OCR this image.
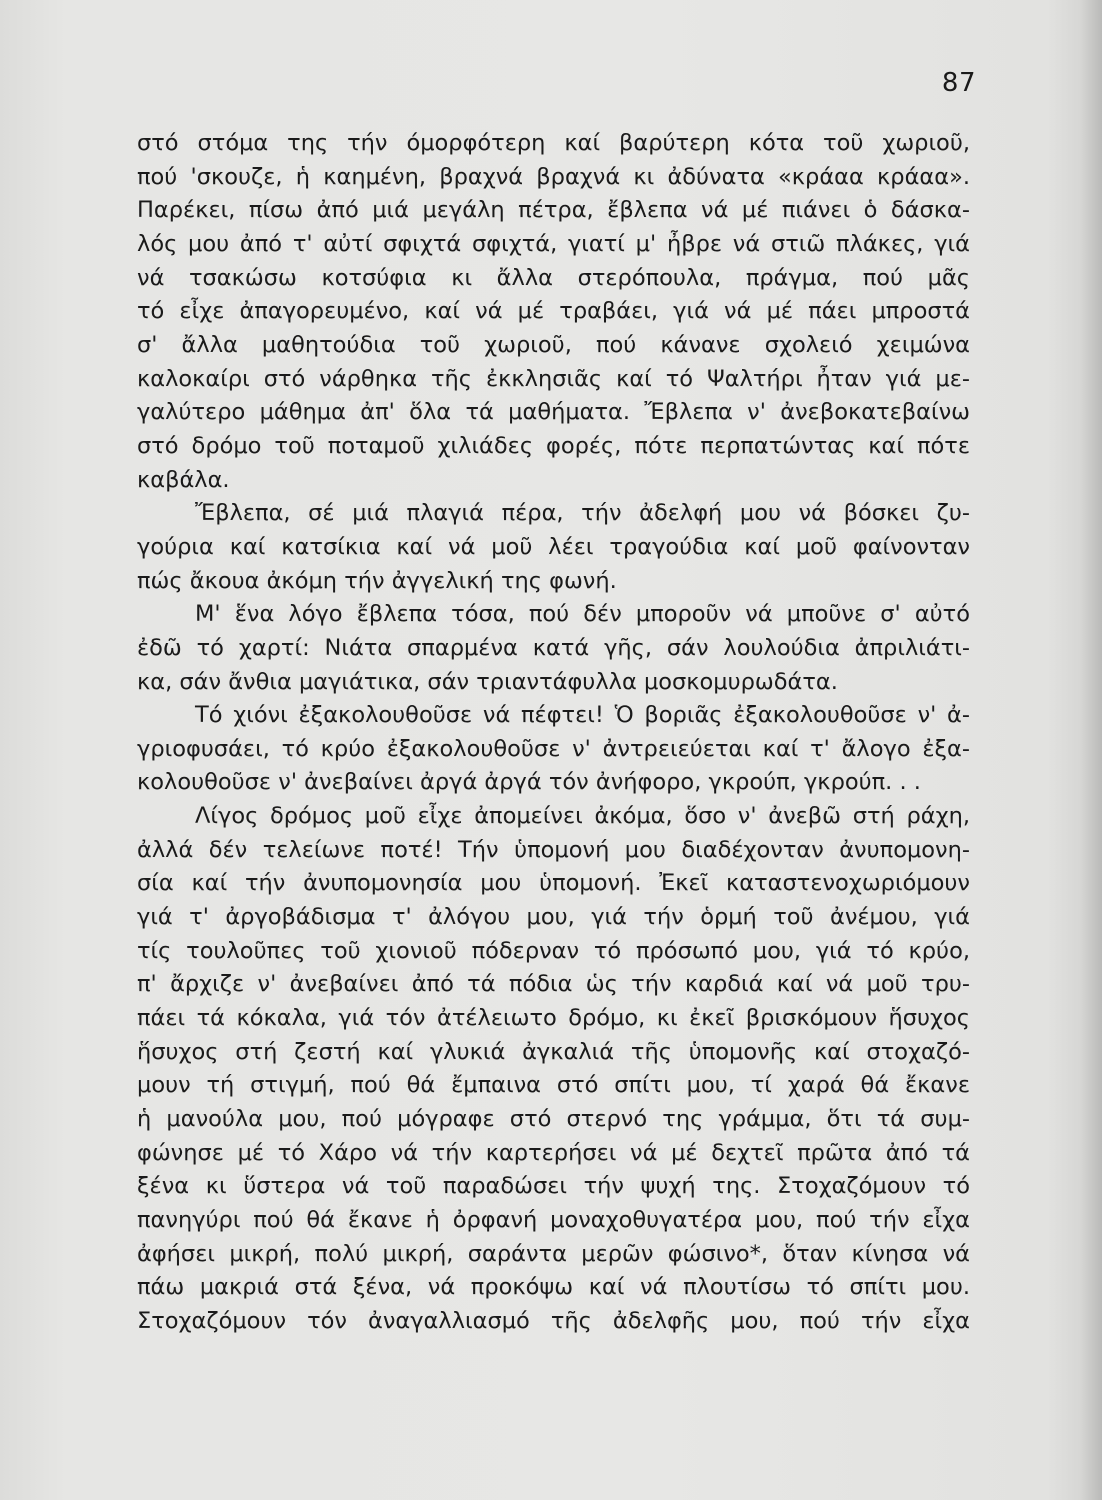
87
στό στόμα της τήν όμορφότερη καί βαρύτερη κότα τοῦ χωριοῦ,
πού 'σκουζε, ἡ καημένη, βραχνά βραχνά κι ἀδύνατα «κράαα κράαα».
Παρέκει, πίσω ἀπό μιά μεγάλη πέτρα, ἔβλεπα νά μέ πιάνει ὁ δάσκα-
λός μου ἀπό τ' αὐτί σφιχτά σφιχτά, γιατί μ' ἦβρε νά στιῶ πλάκες, γιά
νά τσακώσω κοτσύφια κι ἄλλα στερόπουλα, πράγμα, πού μᾶς
τό εἶχε ἀπαγορευμένο, καί νά μέ τραβάει, γιά νά μέ πάει μπροστά
σ' ἄλλα μαθητούδια τοῦ χωριοῦ, πού κάνανε σχολειό χειμώνα
καλοκαίρι στό νάρθηκα τῆς ἐκκλησιᾶς καί τό Ψαλτήρι ἦταν γιά με-
γαλύτερο μάθημα ἀπ' ὅλα τά μαθήματα. Ἔβλεπα ν' ἀνεβοκατεβαίνω
στό δρόμο τοῦ ποταμοῦ χιλιάδες φορές, πότε περπατώντας καί πότε
καβάλα.
Ἔβλεπα, σέ μιά πλαγιά πέρα, τήν ἀδελφή μου νά βόσκει ζυ-
γούρια καί κατσίκια καί νά μοῦ λέει τραγούδια καί μοῦ φαίνονταν
πώς ἄκουα ἀκόμη τήν ἀγγελική της φωνή.
Μ' ἕνα λόγο ἔβλεπα τόσα, πού δέν μποροῦν νά μποῦνε σ' αὐτό
ἐδῶ τό χαρτί: Νιάτα σπαρμένα κατά γῆς, σάν λουλούδια ἀπριλιάτι-
κα, σάν ἄνθια μαγιάτικα, σάν τριαντάφυλλα μοσκομυρωδάτα.
Τό χιόνι ἐξακολουθοῦσε νά πέφτει! Ὁ βοριᾶς ἐξακολουθοῦσε ν' ἀ-
γριοφυσάει, τό κρύο ἐξακολουθοῦσε ν' ἀντρειεύεται καί τ' ἄλογο ἐξα-
κολουθοῦσε ν' ἀνεβαίνει ἀργά ἀργά τόν ἀνήφορο, γκρούπ, γκρούπ. . .
Λίγος δρόμος μοῦ εἶχε ἀπομείνει ἀκόμα, ὅσο ν' ἀνεβῶ στή ράχη,
ἀλλά δέν τελείωνε ποτέ! Τήν ὑπομονή μου διαδέχονταν ἀνυπομονη-
σία καί τήν ἀνυπομονησία μου ὑπομονή. Ἐκεῖ καταστενοχωριόμουν
γιά τ' ἀργοβάδισμα τ' ἀλόγου μου, γιά τήν ὁρμή τοῦ ἀνέμου, γιά
τίς τουλοῦπες τοῦ χιονιοῦ πόδερναν τό πρόσωπό μου, γιά τό κρύο,
π' ἄρχιζε ν' ἀνεβαίνει ἀπό τά πόδια ὡς τήν καρδιά καί νά μοῦ τρυ-
πάει τά κόκαλα, γιά τόν ἀτέλειωτο δρόμο, κι ἐκεῖ βρισκόμουν ἥσυχος
ἥσυχος στή ζεστή καί γλυκιά ἀγκαλιά τῆς ὑπομονῆς καί στοχαζό-
μουν τή στιγμή, πού θά ἔμπαινα στό σπίτι μου, τί χαρά θά ἔκανε
ἡ μανούλα μου, πού μόγραφε στό στερνό της γράμμα, ὅτι τά συμ-
φώνησε μέ τό Χάρο νά τήν καρτερήσει νά μέ δεχτεῖ πρῶτα ἀπό τά
ξένα κι ὕστερα νά τοῦ παραδώσει τήν ψυχή της. Στοχαζόμουν τό
πανηγύρι πού θά ἔκανε ἡ ὀρφανή μοναχοθυγατέρα μου, πού τήν εἶχα
ἀφήσει μικρή, πολύ μικρή, σαράντα μερῶν φώσινο*, ὅταν κίνησα νά
πάω μακριά στά ξένα, νά προκόψω καί νά πλουτίσω τό σπίτι μου.
Στοχαζόμουν τόν ἀναγαλλιασμό τῆς ἀδελφῆς μου, πού τήν εἶχα
